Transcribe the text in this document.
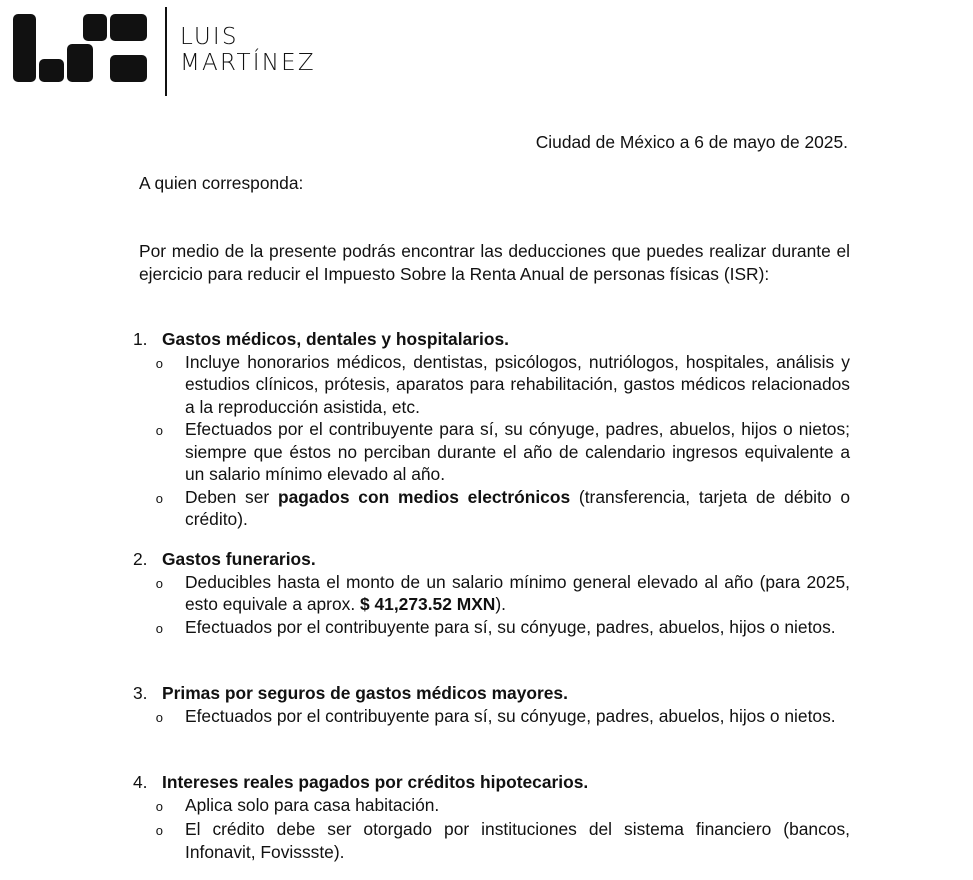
LUIS
MARTÍNEZ
Ciudad de México a 6 de mayo de 2025.
A quien corresponda:
Por medio de la presente podrás encontrar las deducciones que puedes realizar durante el ejercicio para reducir el Impuesto Sobre la Renta Anual de personas físicas (ISR):
1. Gastos médicos, dentales y hospitalarios.
o	Incluye honorarios médicos, dentistas, psicólogos, nutriólogos, hospitales, análisis y estudios clínicos, prótesis, aparatos para rehabilitación, gastos médicos relacionados a la reproducción asistida, etc.
o	Efectuados por el contribuyente para sí, su cónyuge, padres, abuelos, hijos o nietos; siempre que éstos no perciban durante el año de calendario ingresos equivalente a un salario mínimo elevado al año.
o	Deben ser pagados con medios electrónicos (transferencia, tarjeta de débito o crédito).
2. Gastos funerarios.
o	Deducibles hasta el monto de un salario mínimo general elevado al año (para 2025, esto equivale a aprox. $ 41,273.52 MXN).
o	Efectuados por el contribuyente para sí, su cónyuge, padres, abuelos, hijos o nietos.
3. Primas por seguros de gastos médicos mayores.
o	Efectuados por el contribuyente para sí, su cónyuge, padres, abuelos, hijos o nietos.
4. Intereses reales pagados por créditos hipotecarios.
o	Aplica solo para casa habitación.
o	El crédito debe ser otorgado por instituciones del sistema financiero (bancos, Infonavit, Fovissste).
